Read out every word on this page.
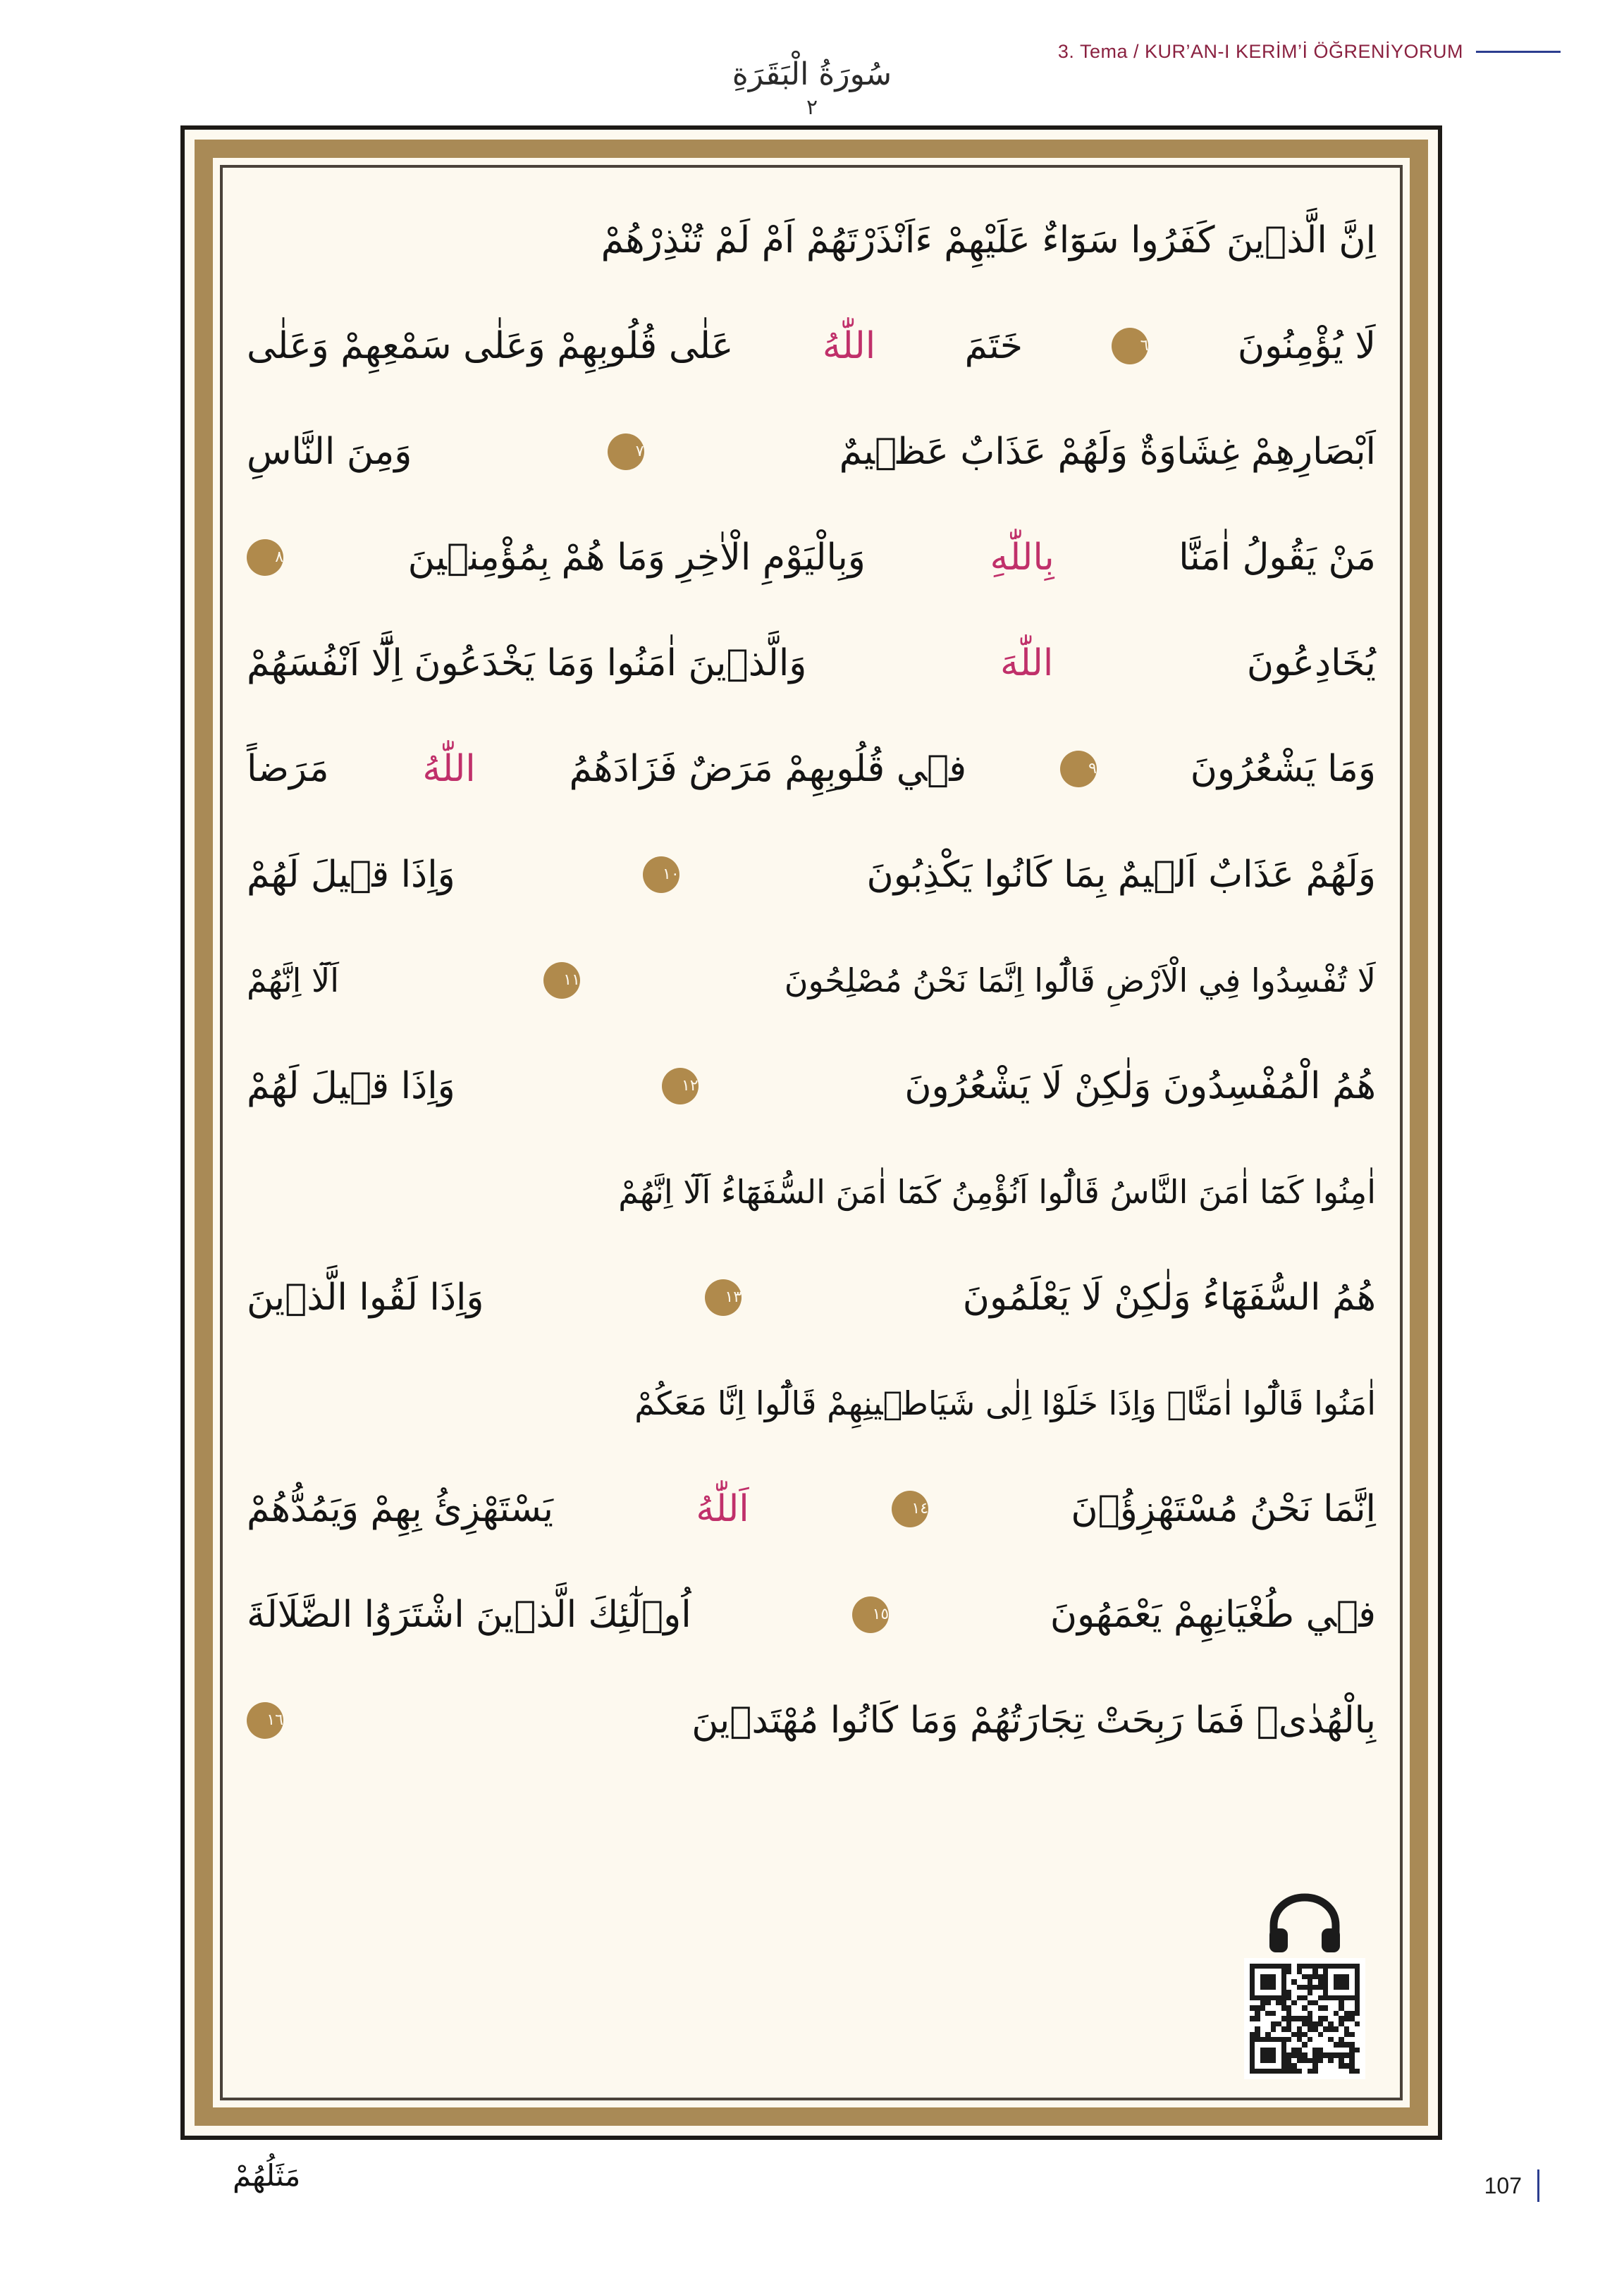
3. Tema / KUR’AN-I KERİM’İ ÖĞRENİYORUM
سُورَةُ الْبَقَرَةِ
٢
اِنَّ الَّذ۪ينَ كَفَرُوا سَوَٓاءٌ عَلَيْهِمْ ءَاَنْذَرْتَهُمْ اَمْ لَمْ تُنْذِرْهُمْ
لَا يُؤْمِنُونَ
٦
خَتَمَ
اللّٰهُ
عَلٰى قُلُوبِهِمْ وَعَلٰى سَمْعِهِمْ وَعَلٰى
اَبْصَارِهِمْ غِشَاوَةٌ وَلَهُمْ عَذَابٌ عَظ۪يمٌ
٧
وَمِنَ النَّاسِ
مَنْ يَقُولُ اٰمَنَّا
بِاللّٰهِ
وَبِالْيَوْمِ الْاٰخِرِ وَمَا هُمْ بِمُؤْمِن۪ينَ
٨
يُخَادِعُونَ
اللّٰهَ
وَالَّذ۪ينَ اٰمَنُوا وَمَا يَخْدَعُونَ اِلَّٓا اَنْفُسَهُمْ
وَمَا يَشْعُرُونَ
٩
ف۪ي قُلُوبِهِمْ مَرَضٌ فَزَادَهُمُ
اللّٰهُ
مَرَضاً
وَلَهُمْ عَذَابٌ اَل۪يمٌ بِمَا كَانُوا يَكْذِبُونَ
١٠
وَاِذَا ق۪يلَ لَهُمْ
لَا تُفْسِدُوا فِي الْاَرْضِ قَالُٓوا اِنَّمَا نَحْنُ مُصْلِحُونَ
١١
اَلَٓا اِنَّهُمْ
هُمُ الْمُفْسِدُونَ وَلٰكِنْ لَا يَشْعُرُونَ
١٢
وَاِذَا ق۪يلَ لَهُمْ
اٰمِنُوا كَمَٓا اٰمَنَ النَّاسُ قَالُٓوا اَنُؤْمِنُ كَمَٓا اٰمَنَ السُّفَهَٓاءُ اَلَٓا اِنَّهُمْ
هُمُ السُّفَهَٓاءُ وَلٰكِنْ لَا يَعْلَمُونَ
١٣
وَاِذَا لَقُوا الَّذ۪ينَ
اٰمَنُوا قَالُٓوا اٰمَنَّاۚ وَاِذَا خَلَوْا اِلٰى شَيَاط۪ينِهِمْ قَالُٓوا اِنَّا مَعَكُمْ
اِنَّمَا نَحْنُ مُسْتَهْزِؤُ۫نَ
١٤
اَللّٰهُ
يَسْتَهْزِئُ بِهِمْ وَيَمُدُّهُمْ
ف۪ي طُغْيَانِهِمْ يَعْمَهُونَ
١٥
اُو۬لٰٓئِكَ الَّذ۪ينَ اشْتَرَوُا الضَّلَالَةَ
بِالْهُدٰىۖ فَمَا رَبِحَتْ تِجَارَتُهُمْ وَمَا كَانُوا مُهْتَد۪ينَ
١٦
مَثَلُهُمْ	107
